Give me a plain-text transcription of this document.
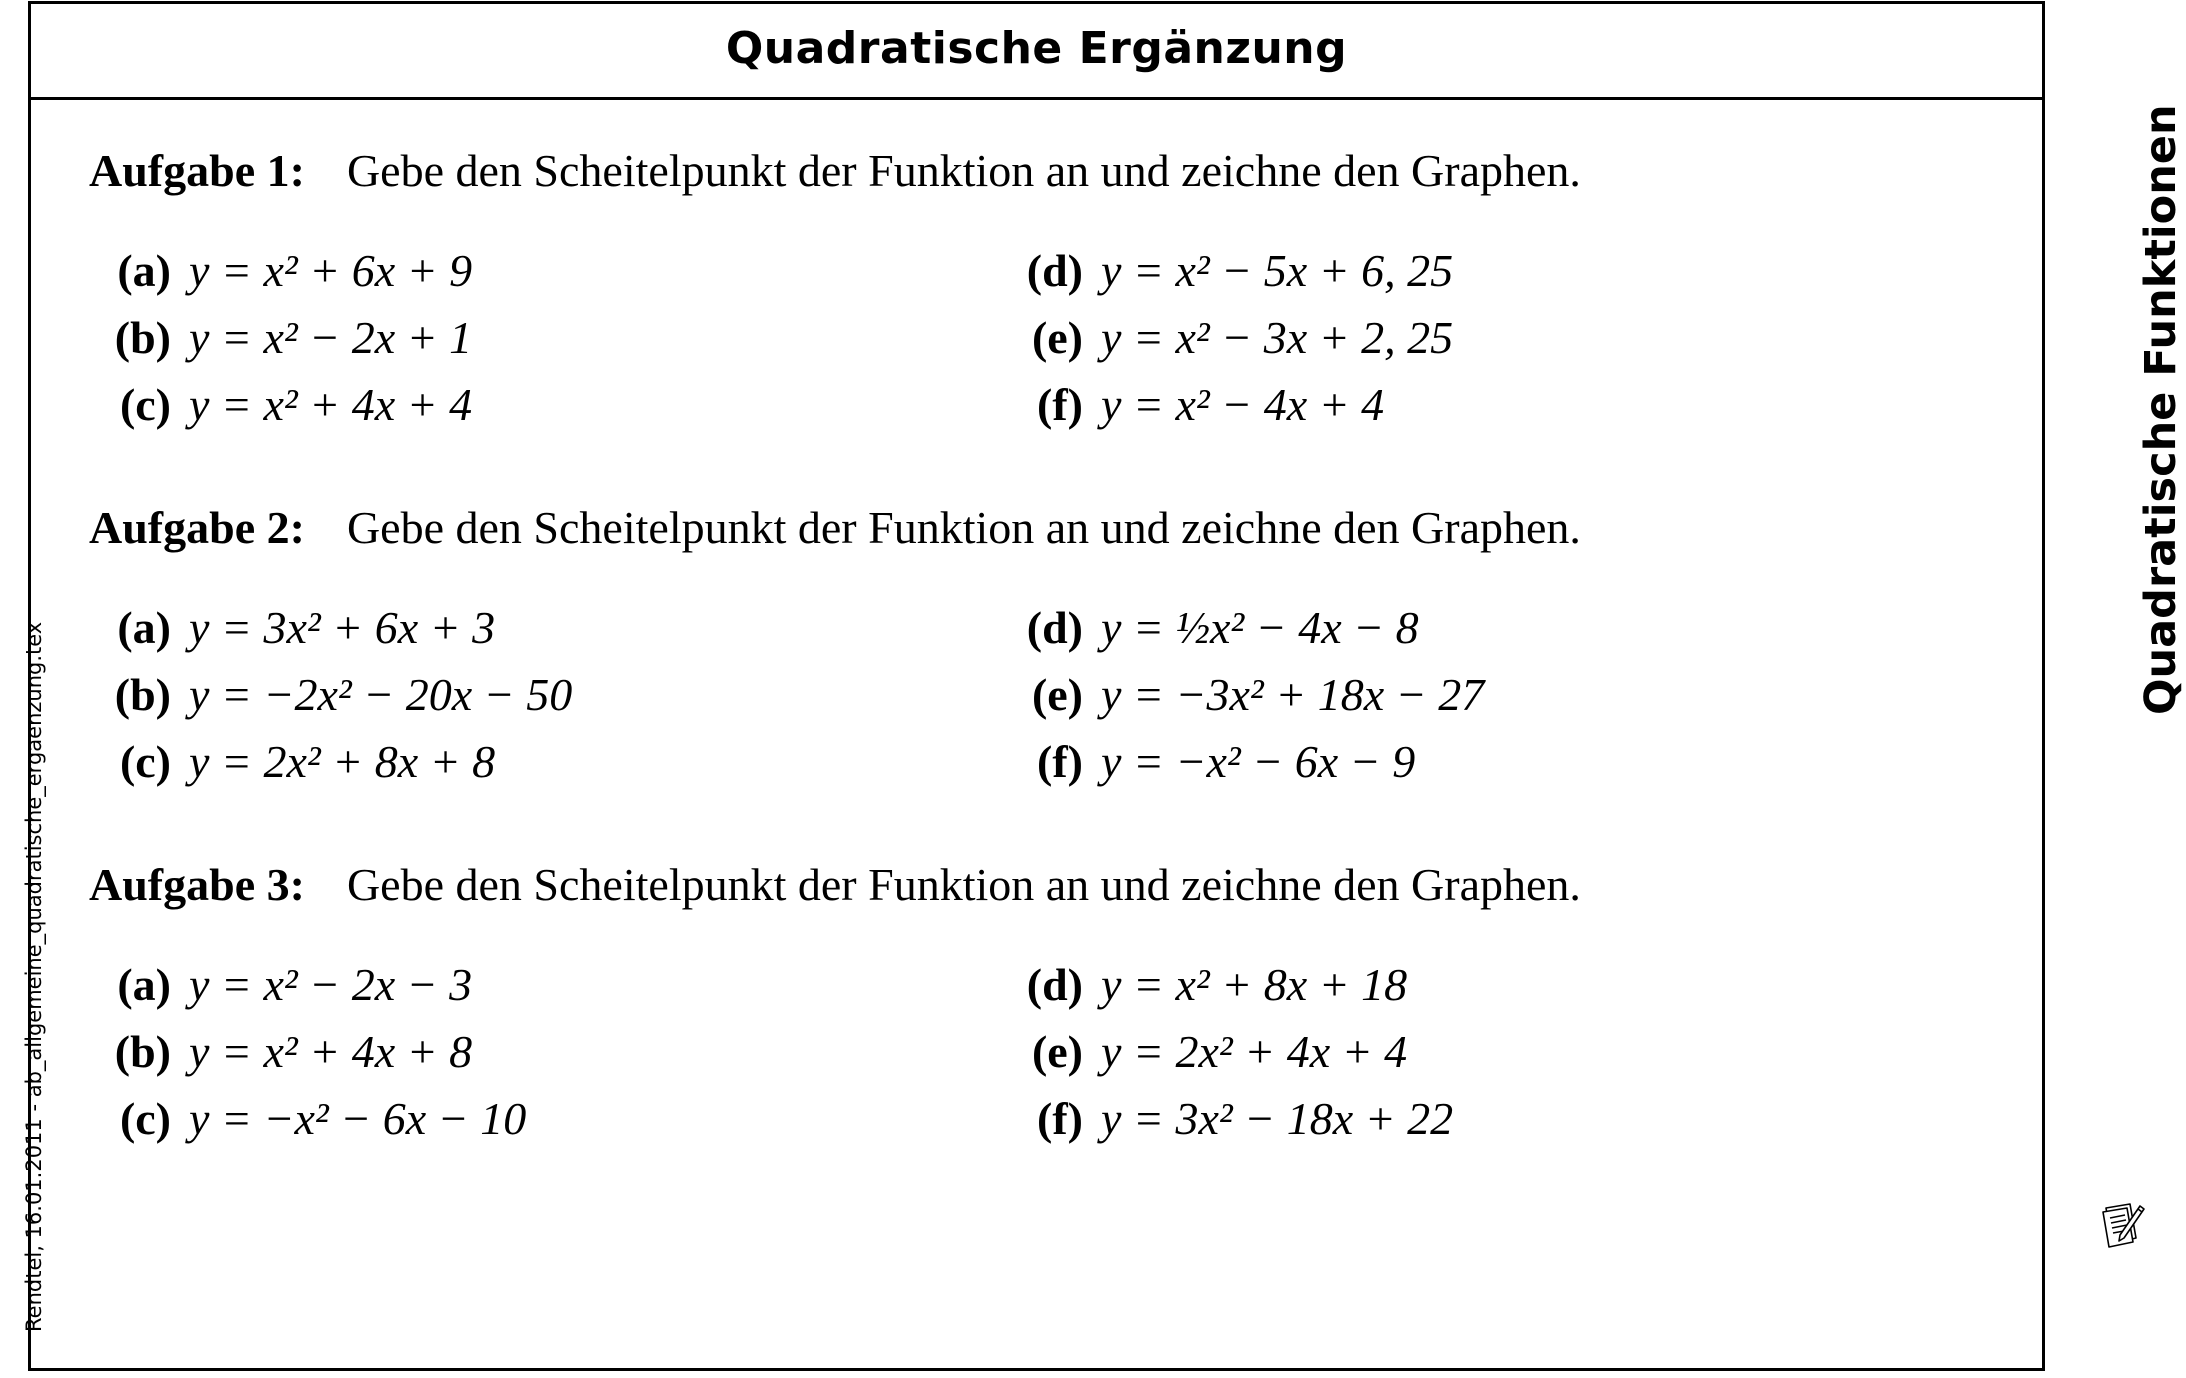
Quadratische Ergänzung
Aufgabe 1: Gebe den Scheitelpunkt der Funktion an und zeichne den Graphen.
(a) y = x² + 6x + 9
(b) y = x² − 2x + 1
(c) y = x² + 4x + 4
(d) y = x² − 5x + 6, 25
(e) y = x² − 3x + 2, 25
(f) y = x² − 4x + 4
Aufgabe 2: Gebe den Scheitelpunkt der Funktion an und zeichne den Graphen.
(a) y = 3x² + 6x + 3
(b) y = −2x² − 20x − 50
(c) y = 2x² + 8x + 8
(d) y = ½x² − 4x − 8
(e) y = −3x² + 18x − 27
(f) y = −x² − 6x − 9
Aufgabe 3: Gebe den Scheitelpunkt der Funktion an und zeichne den Graphen.
(a) y = x² − 2x − 3
(b) y = x² + 4x + 8
(c) y = −x² − 6x − 10
(d) y = x² + 8x + 18
(e) y = 2x² + 4x + 4
(f) y = 3x² − 18x + 22
Quadratische Funktionen
Rendtel, 16.01.2011 - ab_allgemeine_quadratische_ergaenzung.tex
